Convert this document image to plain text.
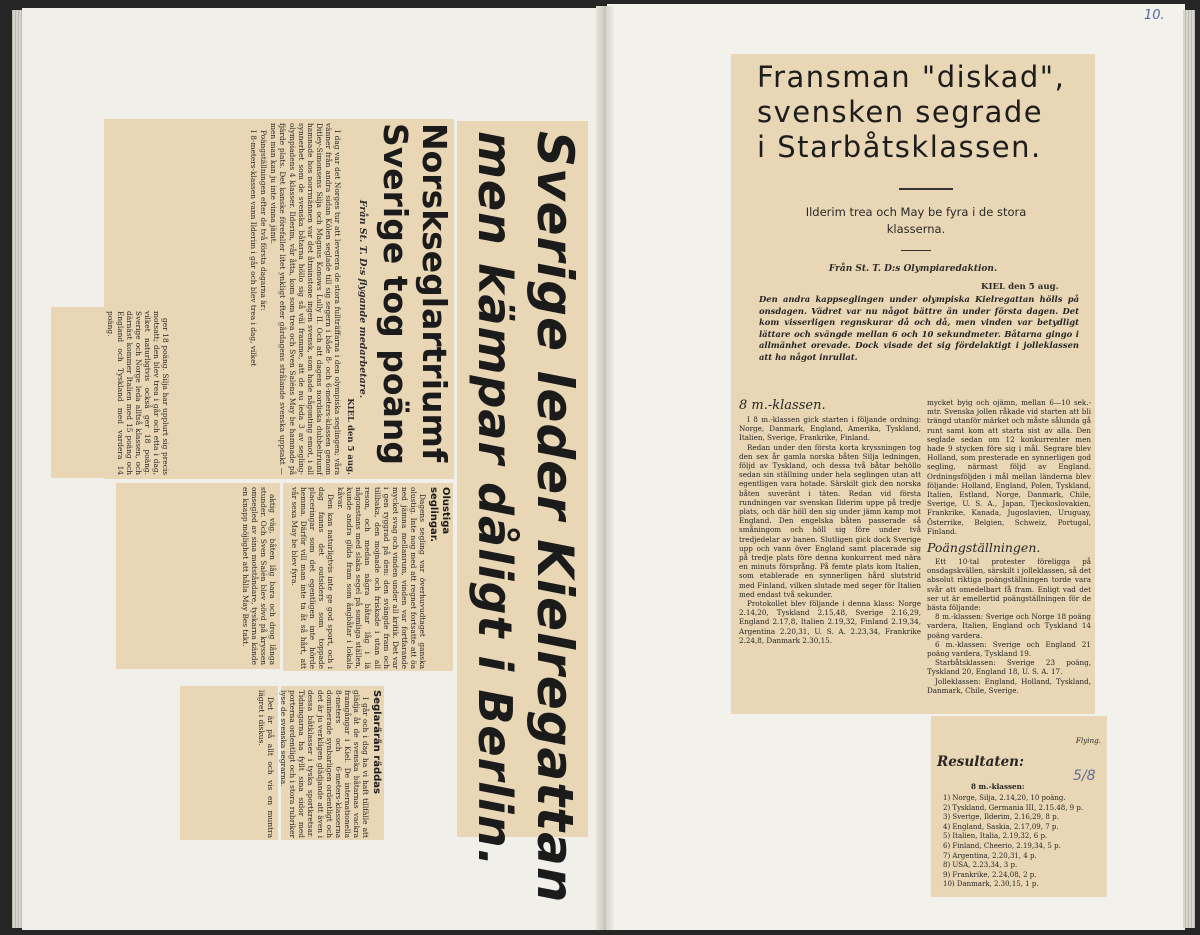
10.
Sverige leder Kielregattan
men kämpar dåligt i Berlin.
Norskseglartriumf
Sverige tog poäng
Från St. T. D:s flygande medarbetare.
KIEL den 5 aug.

I dag var det Norges tur att leverera de stora fullträffarna i den olympiska seglingen; våra vänner från andra sidan Kölen seglade till sig segern i både 8- och 6-meters-klassen genom Ditley-Simonsens Silja och Magnus Konows Lully II. Och att dagens nordiska dubbeltriumf hamnade hos norrmännen var det åtminstone ingen svensk, som hade någonting emot, i all synnerhet som de svenska båtarna höllo sig så väl framme, att de nu leda 3 av segling-olympiadens 4 klasser. Ilderim, vår åtta, kom som trea och Sven Saléns May be hamnade på fjärde plats. Det kanske förefaller litet ynkligt efter gårdagens strålande svenska uppsakt — men man kan ju inte vinna jämt.

Poängställningen efter de två första dagarna är:

I 8-meters-klassen vann Ilderim i går och blev trea i dag, vilket

ger 18 poäng. Silja har upplurt sig precis motsatt; den blev trea i går och etta i dag, vilket naturligtvis också ger 18 poäng. Sverige och Norge leda alltså klassen, och därnäst kommer Italien med 15 poäng och England och Tyskland med vardera 14 poäng.

Olustiga seglingar.

Dagens segling var överhuvudtaget ganska olustig. Inte nog med att regnet fortsatte att öa ned jämna mellanrum, vinden var fortfarande mycket svag och vinden under all kritik. Det var i gen ryggrad på den: den svängde fram och tillbaka, den mojnade och friskade i utan all reson, och medan några båtar låg i lä någonstans med slaka segel på somliga ställen, kunde andra glida fram som ångbåtar i lokala kåvar.

Den kan naturligtvis inte ge god sport, och i dag fanns det outsiders som toppade placeringar som det egentligen inte hörde hemma. Därför vill man inte ta åt så hårt, att vår sexa May be blev fyra.

aktig väg, båten låg bara och drog långa stunder. Och Sven Salén blev sövd på kryssen omsegled av sina motståndare, tyskarna kände en knapp möjlighet att hålla May Bes takt.

Seglarärän räddas

I går och i dag ha vi haft tillfälle att glädja åt de svenska båtarnas vackra framgångar i Kiel. De internationella 8-meters och 6-meters-klasserna dominerade synbarligen ordentligt och det är ju verkligen glädjande att även i dessa båtklasser i tyska sportkretsar. Tidningarna ha fyllt sina sidor med porterna ordentligt och i stora rubriker lyse de svenska segrarna.

Det är på allt och vis en muntra lägret i diskus.

Fransman "diskad",
svensken segrade
i Starbåtsklassen.
Ilderim trea och May be fyra i de stora klasserna.
Från St. T. D:s Olympiaredaktion.
KIEL den 5 aug.
Den andra kappseglingen under olympiska Kielregattan hölls på onsdagen. Vädret var nu något bättre än under första dagen. Det kom visserligen regnskurar då och då, men vinden var betydligt lättare och svängde mellan 6 och 10 sekundmeter. Båtarna gingo i allmänhet orevade. Dock visade det sig fördelaktigt i jolleklassen att ha något inrullat.
8 m.-klassen.

I 8 m.-klassen gick starten i följande ordning: Norge, Danmark, England, Amerika, Tyskland, Italien, Sverige, Frankrike, Finland.

Redan under den första korta kryssningen tog den sex år gamla norska båten Silja ledningen, följd av Tyskland, och dessa två båtar behöllo sedan sin ställning under hela seglingen utan att egentligen vara hotade. Särskilt gick den norska båten suveränt i täten. Redan vid första rundningen var svenskan Ilderim uppe på tredje plats, och där höll den sig under jämn kamp mot England. Den engelska båten passerade så småningom och höll sig före under två tredjedelar av banen. Slutligen gick dock Sverige upp och vann över England samt placerade sig på tredje plats före denna konkurrent med nära en minuts försprång. På femte plats kom Italien, som etablerade en synnerligen hård slutstrid med Finland, vilken slutade med seger för Italien med endast två sekunder.

Protokollet blev följande i denna klass: Norge 2.14,20, Tyskland 2.15,48, Sverige 2.16,29, England 2.17,8, Italien 2.19,32, Finland 2.19,34, Argentina 2.20,31, U. S. A. 2.23,34, Frankrike 2.24,8, Danmark 2.30,15.

mycket byig och ojämn, mellan 6—10 sek.-mtr. Svenska jollen råkade vid starten att bli trängd utanför märket och måste sålunda gå runt samt kom att starta sist av alla. Den seglade sedan om 12 konkurrenter men hade 9 stycken före sig i mål. Segrare blev Holland, som presterade en synnerligen god segling, närmast följd av England. Ordningsföljden i mål mellan länderna blev följande: Holland, England, Polen, Tyskland, Italien, Estland, Norge, Danmark, Chile, Sverige, U. S. A., Japan, Tjeckoslovakien, Frankrike, Kanada, Jugoslavien, Uruguay, Österrike, Belgien, Schweiz, Portugal, Finland.

Poängställningen.

Ett 10-tal protester föreligga på onsdagskvällen, särskilt i jolleklassen, så det absolut riktiga poängställningen torde vara svår att omedelbart få fram. Enligt vad det ser ut är emellertid poängställningen för de bästa följande:

8 m.-klassen: Sverige och Norge 18 poäng vardera, Italien, England och Tyskland 14 poäng vardera.

6 m.-klassen: Sverige och England 21 poäng vardera, Tyskland 19.

Starbåtsklassen: Sverige 23 poäng, Tyskland 20, England 18, U. S. A. 17.

Jolleklassen: England, Holland, Tyskland, Danmark, Chile, Sverige.

Flying.
Resultaten:
5/8
8 m.-klassen:
1) Norge, Silja, 2.14,20, 10 poäng.
2) Tyskland, Germania III, 2.15.48, 9 p.
3) Sverige, Ilderim, 2.16,29, 8 p.
4) England, Saskia, 2.17,09, 7 p.
5) Italien, Italia, 2.19,32, 6 p.
6) Finland, Cheerio, 2.19,34, 5 p.
7) Argentina, 2.20,31, 4 p.
8) USA, 2.23,34, 3 p.
9) Frankrike, 2.24,08, 2 p.
10) Danmark, 2.30,15, 1 p.
